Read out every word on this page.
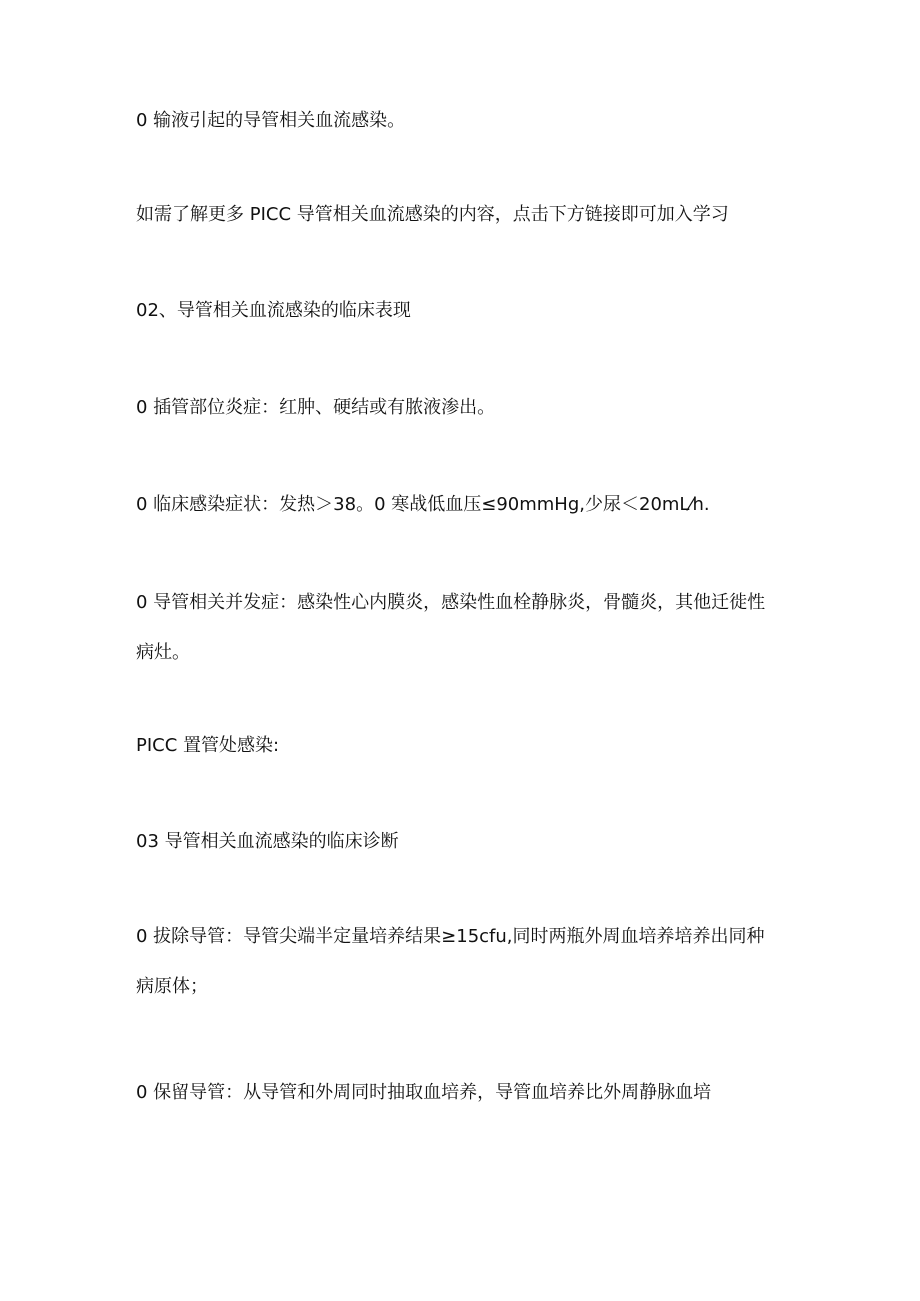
0 输液引起的导管相关血流感染。
如需了解更多 PICC 导管相关血流感染的内容，点击下方链接即可加入学习
02、导管相关血流感染的临床表现
0 插管部位炎症：红肿、硬结或有脓液渗出。
0 临床感染症状：发热＞38。0 寒战低血压≤90mmHg,少尿＜20mL⁄h.
0 导管相关并发症：感染性心内膜炎，感染性血栓静脉炎，骨髓炎，其他迁徙性
病灶。
PICC 置管处感染:
03 导管相关血流感染的临床诊断
0 拔除导管：导管尖端半定量培养结果≥15cfu,同时两瓶外周血培养培养出同种
病原体；
0 保留导管：从导管和外周同时抽取血培养，导管血培养比外周静脉血培
